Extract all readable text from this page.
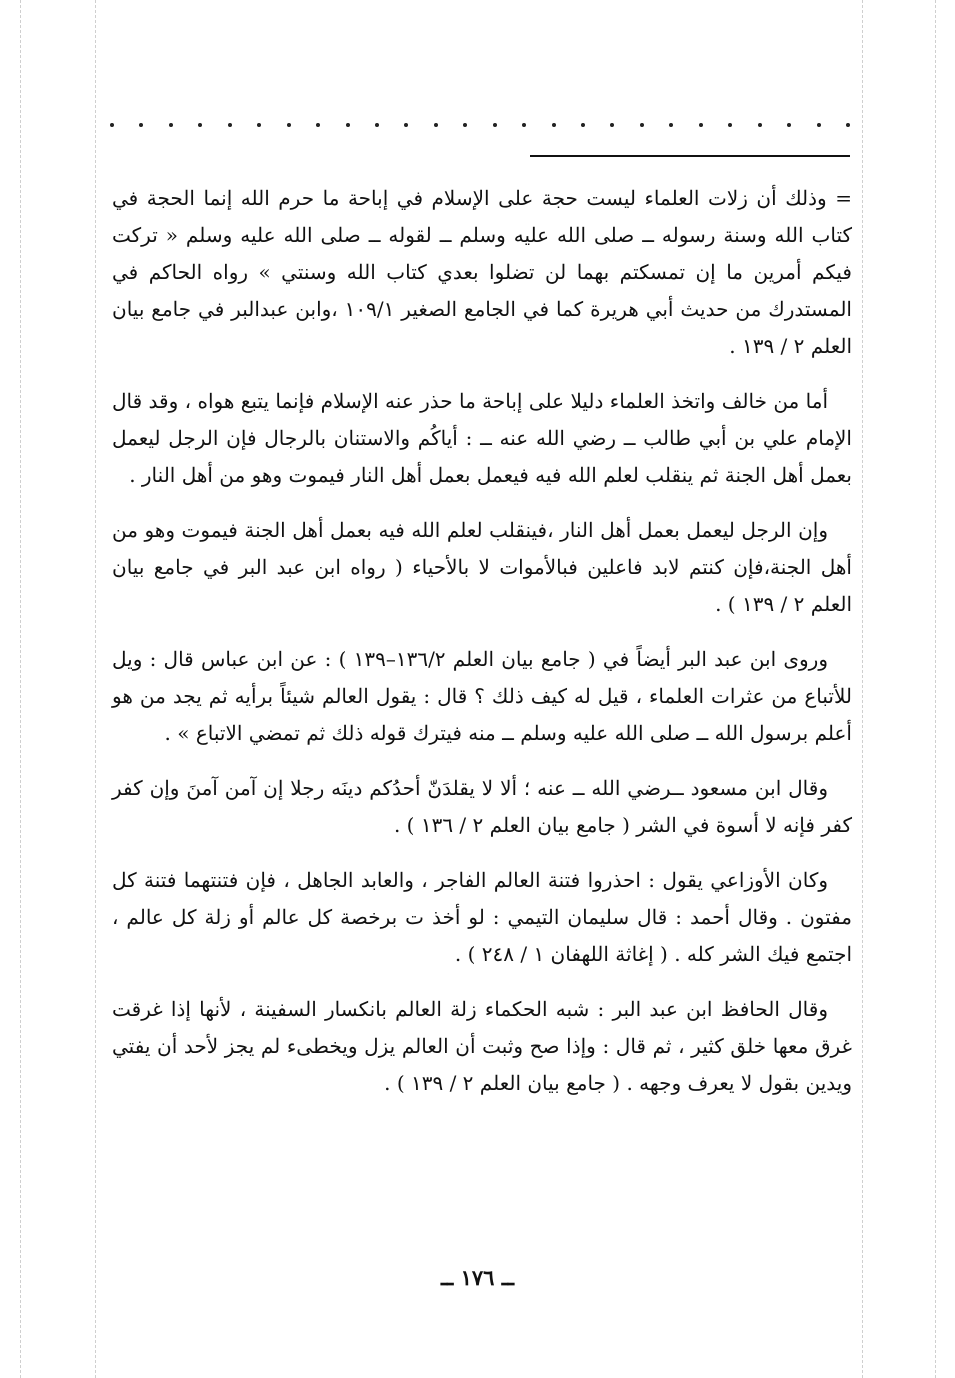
= وذلك أن زلات العلماء ليست حجة على الإسلام في إباحة ما حرم الله إنما الحجة في كتاب الله وسنة رسوله ــ صلى الله عليه وسلم ــ لقوله ــ صلى الله عليه وسلم « تركت فيكم أمرين ما إن تمسكتم بهما لن تضلوا بعدي كتاب الله وسنتي » رواه الحاكم في المستدرك من حديث أبي هريرة كما في الجامع الصغير ١٠٩/١ ،وابن عبدالبر في جامع بيان العلم ٢ / ١٣٩ .

أما من خالف واتخذ العلماء دليلا على إباحة ما حذر عنه الإسلام فإنما يتبع هواه ، وقد قال الإمام علي بن أبي طالب ــ رضي الله عنه ــ : أياكُم والاستنان بالرجال فإن الرجل ليعمل بعمل أهل الجنة ثم ينقلب لعلم الله فيه فيعمل بعمل أهل النار فيموت وهو من أهل النار .

وإن الرجل ليعمل بعمل أهل النار ،فينقلب لعلم الله فيه بعمل أهل الجنة فيموت وهو من أهل الجنة،فإن كنتم لابد فاعلين فبالأموات لا بالأحياء ( رواه ابن عبد البر في جامع بيان العلم ٢ / ١٣٩ ) .

وروى ابن عبد البر أيضاً في ( جامع بيان العلم ١٣٦/٢–١٣٩ ) : عن ابن عباس قال : ويل للأتباع من عثرات العلماء ، قيل له كيف ذلك ؟ قال : يقول العالم شيئاً برأيه ثم يجد من هو أعلم برسول الله ــ صلى الله عليه وسلم ــ منه فيترك قوله ذلك ثم تمضي الاتباع » .

وقال ابن مسعود ــرضي الله ــ عنه ؛ ألا لا يقلدَنّ أحدُكم دينَه رجلا إن آمن آمنَ وإن كفر كفر فإنه لا أسوة في الشر ( جامع بيان العلم ٢ / ١٣٦ ) .

وكان الأوزاعي يقول : احذروا فتنة العالم الفاجر ، والعابد الجاهل ، فإن فتنتهما فتنة كل مفتون . وقال أحمد : قال سليمان التيمي : لو أخذ ت برخصة كل عالم أو زلة كل عالم ، اجتمع فيك الشر كله . ( إغاثة اللهفان ١ / ٢٤٨ ) .

وقال الحافظ ابن عبد البر : شبه الحكماء زلة العالم بانكسار السفينة ، لأنها إذا غرقت غرق معها خلق كثير ، ثم قال : وإذا صح وثبت أن العالم يزل ويخطىء لم يجز لأحد أن يفتي ويدين بقول لا يعرف وجهه . ( جامع بيان العلم ٢ / ١٣٩ ) .

ــ ١٧٦ ــ
